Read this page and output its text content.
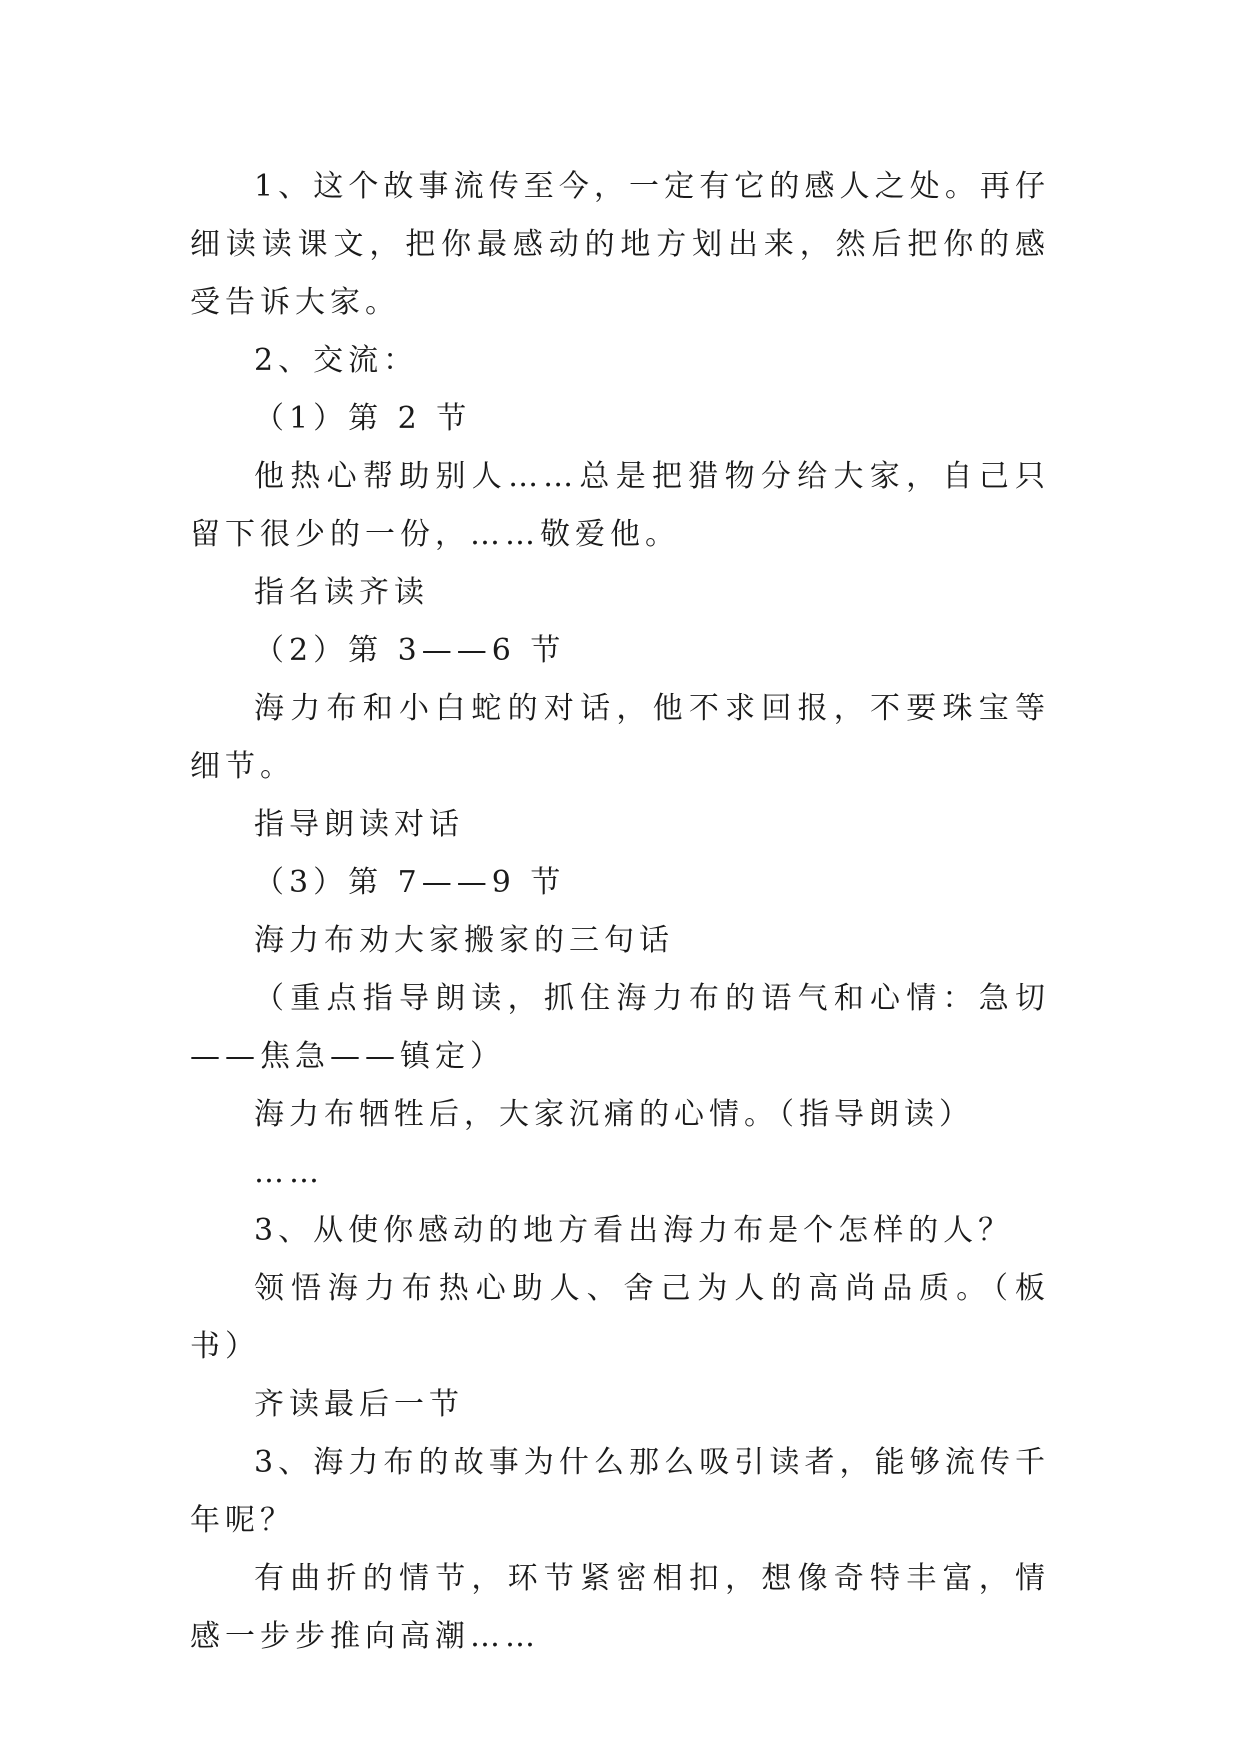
1、这个故事流传至今，一定有它的感人之处。再仔细读读课文，把你最感动的地方划出来，然后把你的感受告诉大家。

2、交流：

（1）第 2 节

他热心帮助别人……总是把猎物分给大家，自己只留下很少的一份，……敬爱他。

指名读齐读

（2）第 3——6 节

海力布和小白蛇的对话，他不求回报，不要珠宝等细节。

指导朗读对话

（3）第 7——9 节

海力布劝大家搬家的三句话

（重点指导朗读，抓住海力布的语气和心情：急切——焦急——镇定）

海力布牺牲后，大家沉痛的心情。（指导朗读）

……

3、从使你感动的地方看出海力布是个怎样的人？

领悟海力布热心助人、舍己为人的高尚品质。（板书）

齐读最后一节

3、海力布的故事为什么那么吸引读者，能够流传千年呢？

有曲折的情节，环节紧密相扣，想像奇特丰富，情感一步步推向高潮……
